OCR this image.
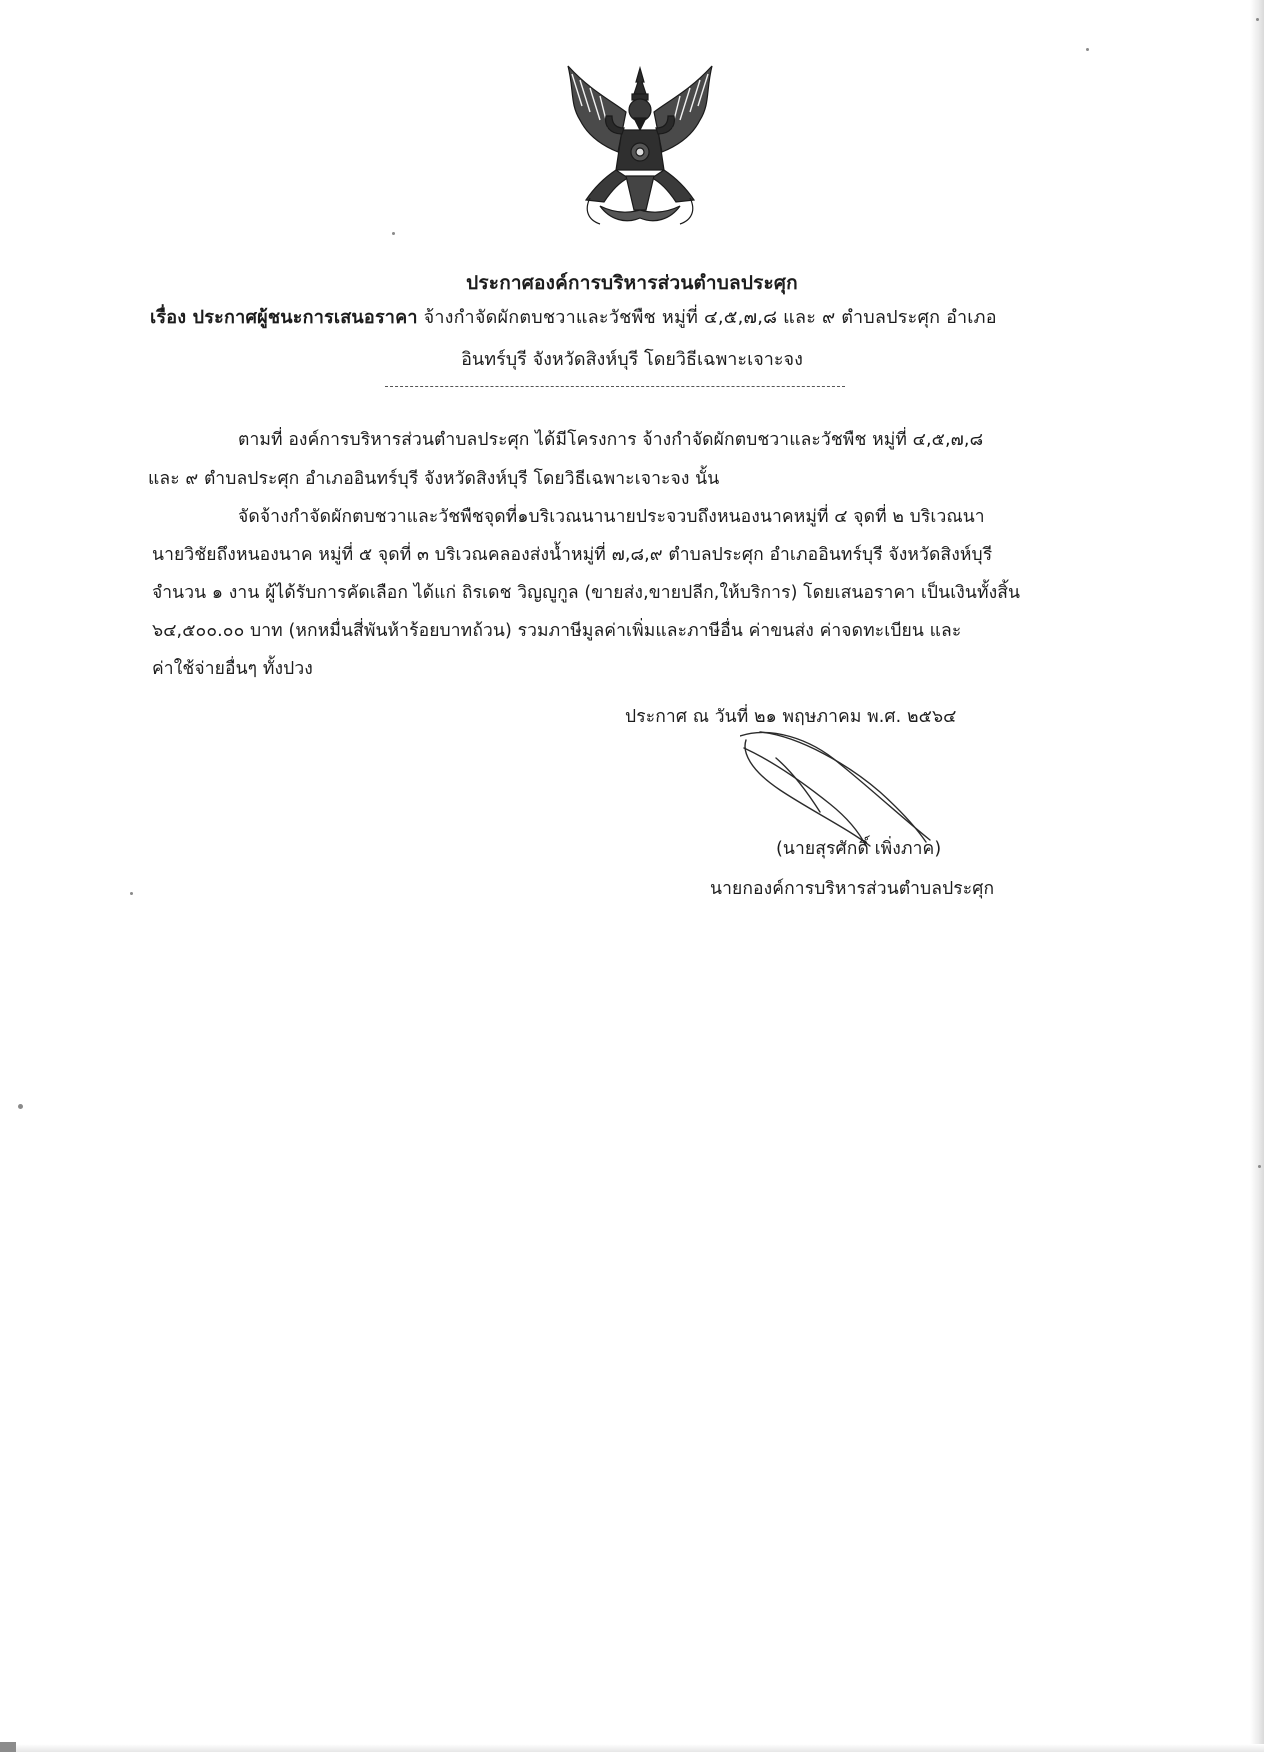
ประกาศองค์การบริหารส่วนตำบลประศุก
เรื่อง ประกาศผู้ชนะการเสนอราคา จ้างกำจัดผักตบชวาและวัชพืช หมู่ที่ ๔,๕,๗,๘ และ ๙ ตำบลประศุก อำเภอ
อินทร์บุรี จังหวัดสิงห์บุรี โดยวิธีเฉพาะเจาะจง
ตามที่ องค์การบริหารส่วนตำบลประศุก ได้มีโครงการ จ้างกำจัดผักตบชวาและวัชพืช หมู่ที่ ๔,๕,๗,๘
และ ๙ ตำบลประศุก อำเภออินทร์บุรี จังหวัดสิงห์บุรี โดยวิธีเฉพาะเจาะจง นั้น
จัดจ้างกำจัดผักตบชวาและวัชพืชจุดที่๑บริเวณนานายประจวบถึงหนองนาคหมู่ที่ ๔ จุดที่ ๒ บริเวณนา
นายวิชัยถึงหนองนาค หมู่ที่ ๕ จุดที่ ๓ บริเวณคลองส่งน้ำหมู่ที่ ๗,๘,๙ ตำบลประศุก อำเภออินทร์บุรี จังหวัดสิงห์บุรี
จำนวน ๑ งาน ผู้ได้รับการคัดเลือก ได้แก่ ถิรเดช วิญญูกูล (ขายส่ง,ขายปลีก,ให้บริการ) โดยเสนอราคา เป็นเงินทั้งสิ้น
๖๔,๕๐๐.๐๐ บาท (หกหมื่นสี่พันห้าร้อยบาทถ้วน) รวมภาษีมูลค่าเพิ่มและภาษีอื่น ค่าขนส่ง ค่าจดทะเบียน และ
ค่าใช้จ่ายอื่นๆ ทั้งปวง
ประกาศ ณ วันที่ ๒๑ พฤษภาคม พ.ศ. ๒๕๖๔
(นายสุรศักดิ์ เพิ่งภาค)
นายกองค์การบริหารส่วนตำบลประศุก
